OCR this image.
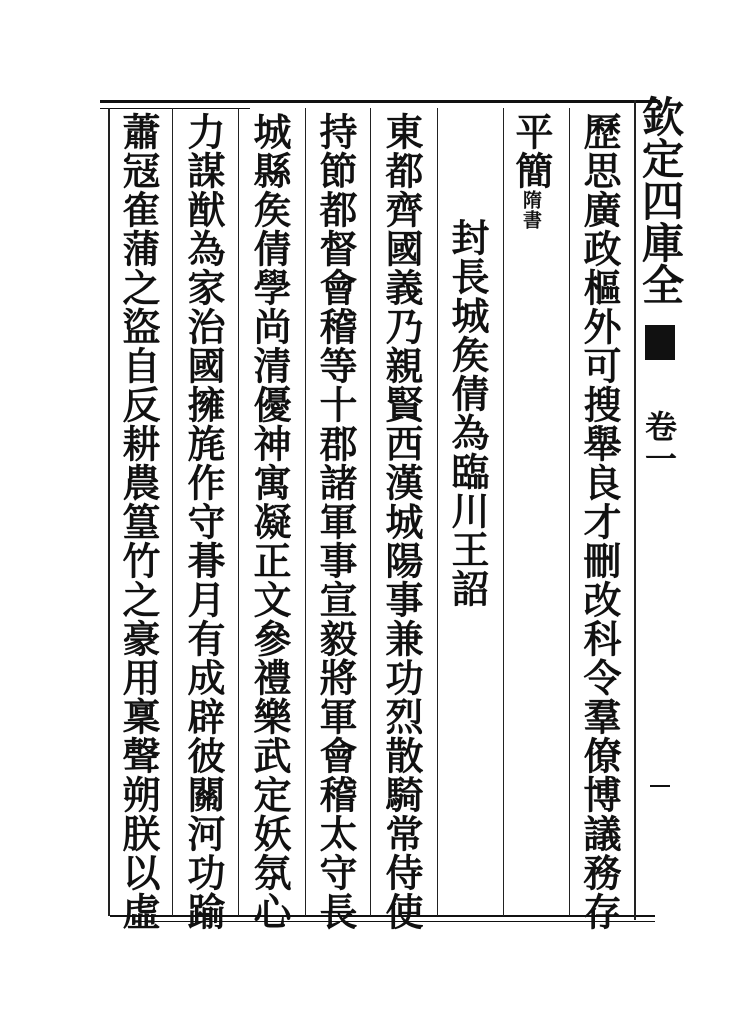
欽定四庫全
卷一
歷思廣政樞外可搜舉良才刪改科令羣僚博議務存
平簡隋書
封長城矦倩為臨川王詔
東都齊國義乃親賢西漢城陽事兼功烈散騎常侍使
持節都督會稽等十郡諸軍事宣毅將軍會稽太守長
城縣矦倩學尚清優神寓凝正文參禮樂武定妖氛心
力謀猷為家治國擁旄作守朞月有成辟彼關河功踰
蕭冦隺蒲之盜自反耕農篁竹之豪用稟聲朔朕以虛
